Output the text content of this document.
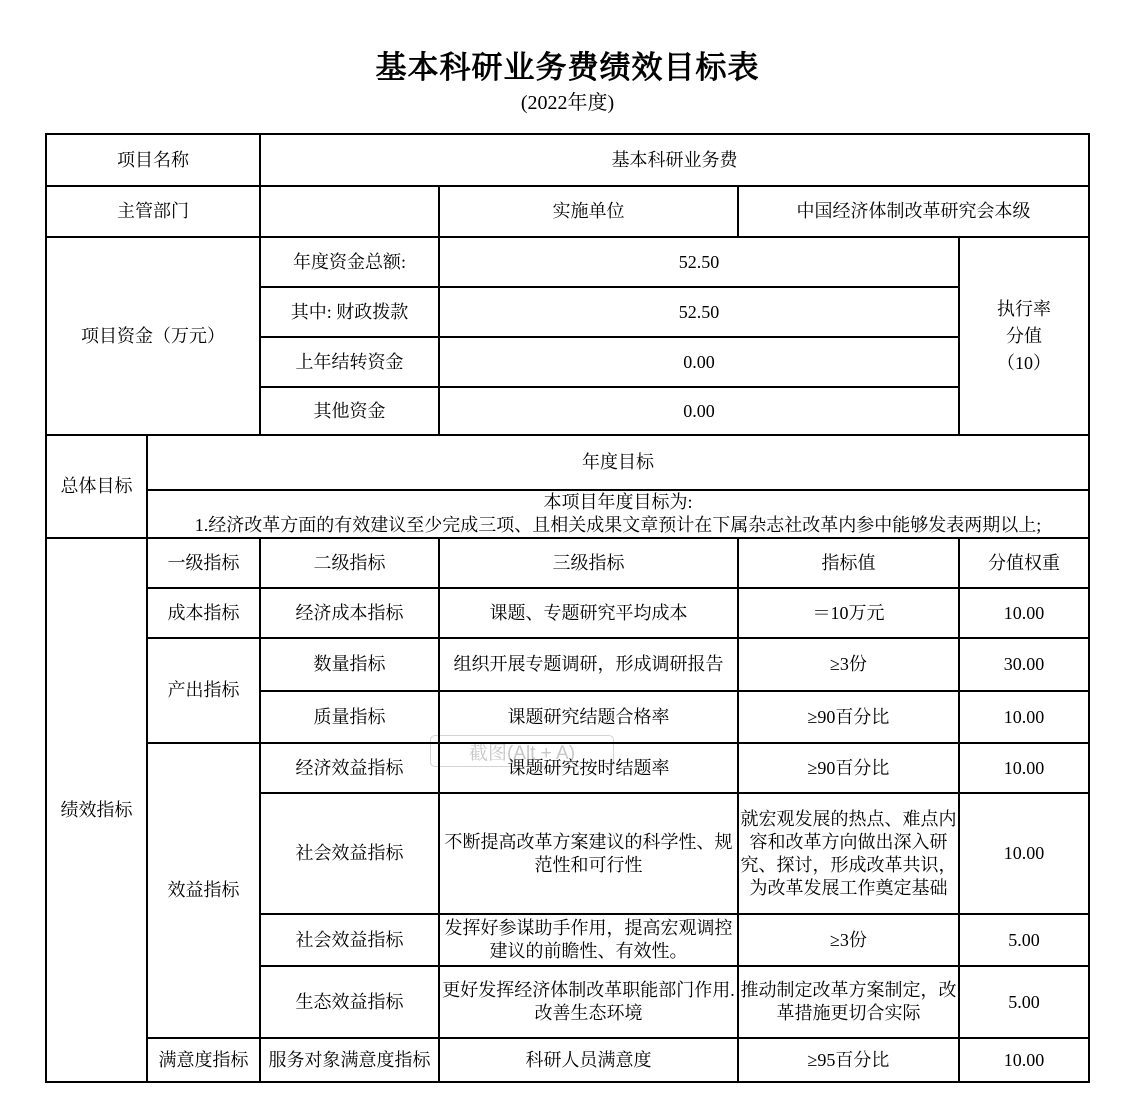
截图(Alt + A)
基本科研业务费绩效目标表
(2022年度)
项目名称		基本科研业务费			
主管部门			实施单位	中国经济体制改革研究会本级	
项目资金（万元）		年度资金总额:	52.50		执行率
分值
（10）

		其中: 财政拨款	52.50		
		上年结转资金	0.00		
		其他资金	0.00		
总体目标	年度目标				

	本项目年度目标为:
1.经济改革方面的有效建议至少完成三项、且相关成果文章预计在下属杂志社改革内参中能够发表两期以上;				

绩效指标	一级指标	二级指标	三级指标	指标值	分值权重
	成本指标	经济成本指标	课题、专题研究平均成本	＝10万元	10.00
	产出指标	数量指标	组织开展专题调研，形成调研报告	≥3份	30.00
		质量指标	课题研究结题合格率	≥90百分比	10.00
	效益指标	经济效益指标	课题研究按时结题率	≥90百分比	10.00
		社会效益指标	不断提高改革方案建议的科学性、规范性和可行性	就宏观发展的热点、难点内容和改革方向做出深入研究、探讨，形成改革共识，为改革发展工作奠定基础	10.00
		社会效益指标	发挥好参谋助手作用，提高宏观调控建议的前瞻性、有效性。	≥3份	5.00
		生态效益指标	更好发挥经济体制改革职能部门作用.改善生态环境	推动制定改革方案制定，改革措施更切合实际	5.00
	满意度指标	服务对象满意度指标	科研人员满意度	≥95百分比	10.00
